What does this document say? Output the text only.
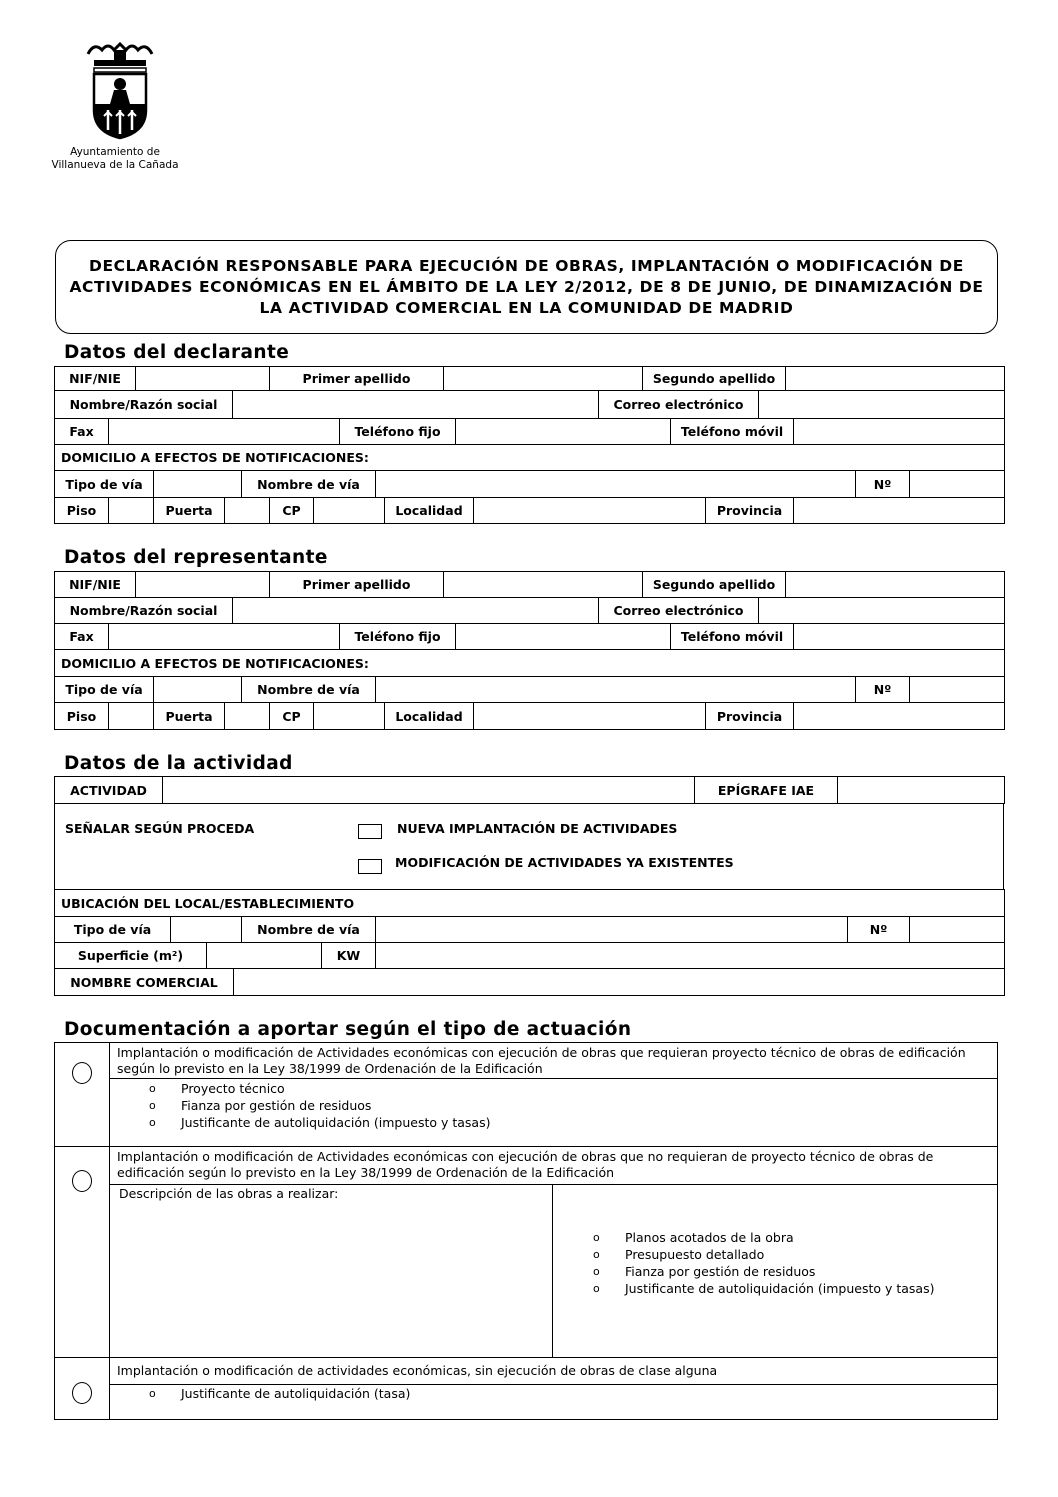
Ayuntamiento de
Villanueva de la Cañada
DECLARACIÓN RESPONSABLE PARA EJECUCIÓN DE OBRAS, IMPLANTACIÓN O MODIFICACIÓN DE ACTIVIDADES ECONÓMICAS EN EL ÁMBITO DE LA LEY 2/2012, DE 8 DE JUNIO, DE DINAMIZACIÓN DE LA ACTIVIDAD COMERCIAL EN LA COMUNIDAD DE MADRID
Datos del declarante
NIF/NIE		Primer apellido		Segundo apellido	
Nombre/Razón social		Correo electrónico	
Fax		Teléfono fijo		Teléfono móvil	
DOMICILIO A EFECTOS DE NOTIFICACIONES:
Tipo de vía		Nombre de vía		Nº	
Piso		Puerta		CP		Localidad		Provincia	
Datos del representante
NIF/NIE		Primer apellido		Segundo apellido	
Nombre/Razón social		Correo electrónico	
Fax		Teléfono fijo		Teléfono móvil	
DOMICILIO A EFECTOS DE NOTIFICACIONES:
Tipo de vía		Nombre de vía		Nº	
Piso		Puerta		CP		Localidad		Provincia	
Datos de la actividad
ACTIVIDAD		EPÍGRAFE IAE	
SEÑALAR SEGÚN PROCEDA	NUEVA IMPLANTACIÓN DE ACTIVIDADES
MODIFICACIÓN DE ACTIVIDADES YA EXISTENTES
UBICACIÓN DEL LOCAL/ESTABLECIMIENTO
Tipo de vía		Nombre de vía		Nº	
Superficie (m²)		KW	
NOMBRE COMERCIAL	
Documentación a aportar según el tipo de actuación
Implantación o modificación de Actividades económicas con ejecución de obras que requieran proyecto técnico de obras de edificación según lo previsto en la Ley 38/1999 de Ordenación de la Edificación
o Proyecto técnico
o Fianza por gestión de residuos
o Justificante de autoliquidación (impuesto y tasas)
Implantación o modificación de Actividades económicas con ejecución de obras que no requieran de proyecto técnico de obras de edificación según lo previsto en la Ley 38/1999 de Ordenación de la Edificación
Descripción de las obras a realizar:
o Planos acotados de la obra
o Presupuesto detallado
o Fianza por gestión de residuos
o Justificante de autoliquidación (impuesto y tasas)
Implantación o modificación de actividades económicas, sin ejecución de obras de clase alguna
o Justificante de autoliquidación (tasa)
